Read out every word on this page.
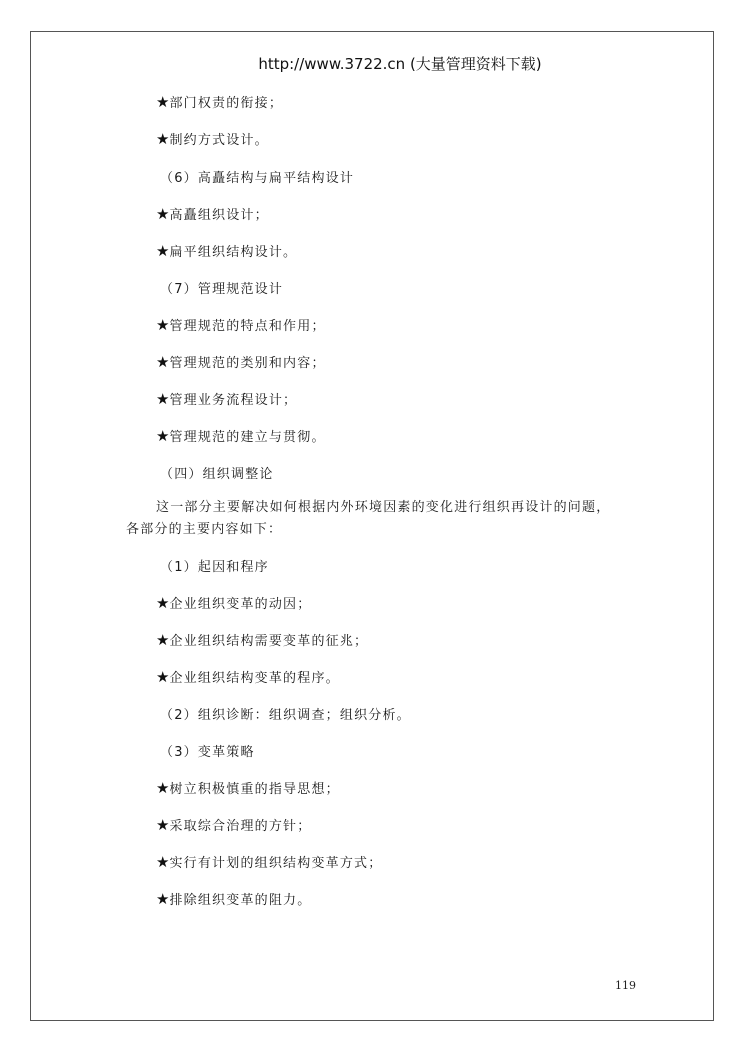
http://www.3722.cn (大量管理资料下载)
★部门权责的衔接；
★制约方式设计。
（6）高矗结构与扁平结构设计
★高矗组织设计；
★扁平组织结构设计。
（7）管理规范设计
★管理规范的特点和作用；
★管理规范的类别和内容；
★管理业务流程设计；
★管理规范的建立与贯彻。
（四）组织调整论
这一部分主要解决如何根据内外环境因素的变化进行组织再设计的问题，
各部分的主要内容如下：
（1）起因和程序
★企业组织变革的动因；
★企业组织结构需要变革的征兆；
★企业组织结构变革的程序。
（2）组织诊断：组织调查；组织分析。
（3）变革策略
★树立积极慎重的指导思想；
★采取综合治理的方针；
★实行有计划的组织结构变革方式；
★排除组织变革的阻力。
119
